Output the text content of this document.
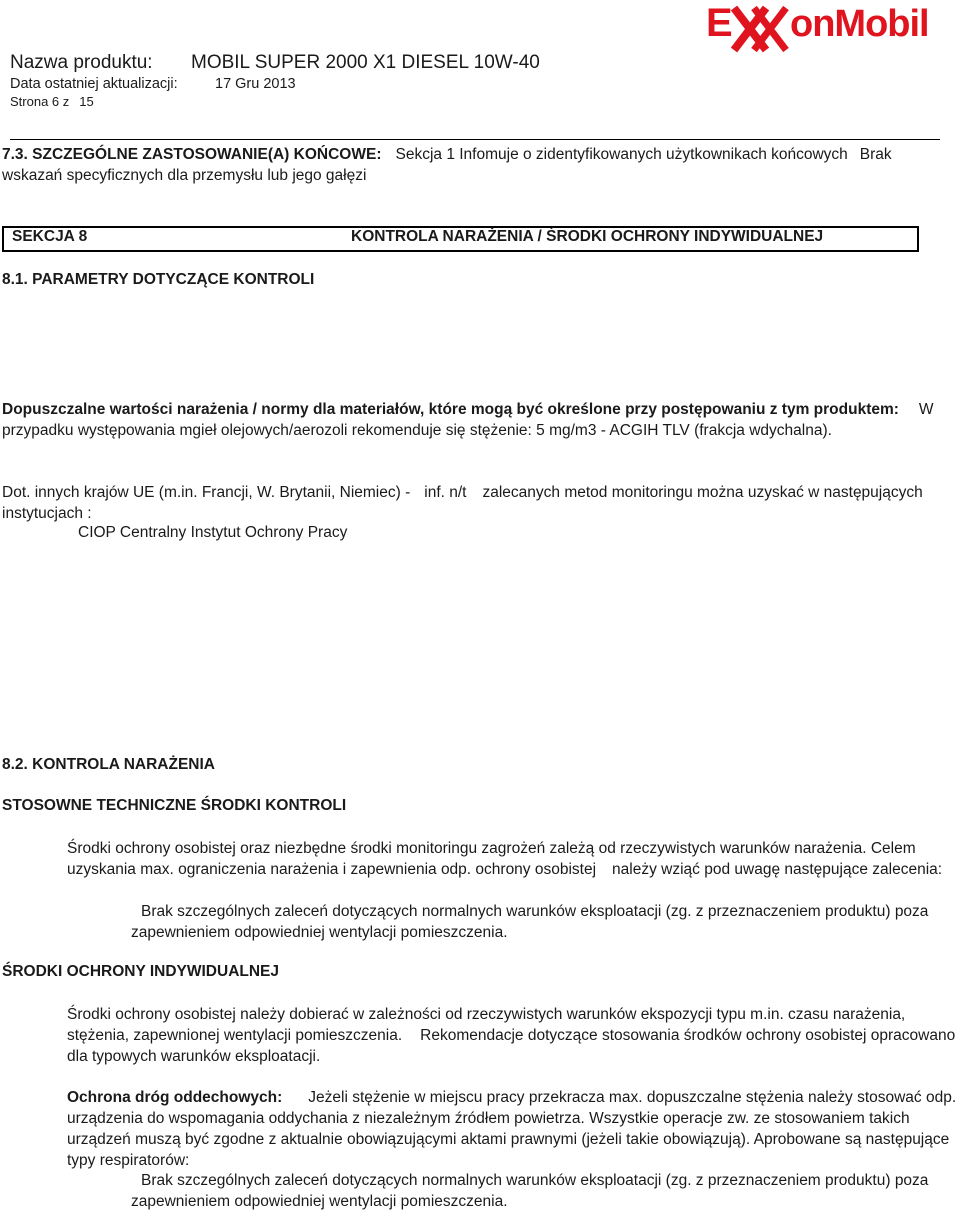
Nazwa produktu: MOBIL SUPER 2000 X1 DIESEL 10W-40
Data ostatniej aktualizacji:	17 Gru 2013
Strona 6 z 15
E onMobil
7.3. SZCZEGÓLNE ZASTOSOWANIE(A) KOŃCOWE: Sekcja 1 Infomuje o zidentyfikowanych użytkownikach końcowych Brak wskazań specyficznych dla przemysłu lub jego gałęzi
SEKCJA 8	KONTROLA NARAŻENIA / ŚRODKI OCHRONY INDYWIDUALNEJ
8.1. PARAMETRY DOTYCZĄCE KONTROLI
Dopuszczalne wartości narażenia / normy dla materiałów, które mogą być określone przy postępowaniu z tym produktem: W przypadku występowania mgieł olejowych/aerozoli rekomenduje się stężenie: 5 mg/m3 - ACGIH TLV (frakcja wdychalna).
Dot. innych krajów UE (m.in. Francji, W. Brytanii, Niemiec) - inf. n/t zalecanych metod monitoringu można uzyskać w następujących instytucjach :
CIOP Centralny Instytut Ochrony Pracy
8.2. KONTROLA NARAŻENIA
STOSOWNE TECHNICZNE ŚRODKI KONTROLI
Środki ochrony osobistej oraz niezbędne środki monitoringu zagrożeń zależą od rzeczywistych warunków narażenia. Celem uzyskania max. ograniczenia narażenia i zapewnienia odp. ochrony osobistej należy wziąć pod uwagę następujące zalecenia:
Brak szczególnych zaleceń dotyczących normalnych warunków eksploatacji (zg. z przeznaczeniem produktu) poza zapewnieniem odpowiedniej wentylacji pomieszczenia.
ŚRODKI OCHRONY INDYWIDUALNEJ
Środki ochrony osobistej należy dobierać w zależności od rzeczywistych warunków ekspozycji typu m.in. czasu narażenia, stężenia, zapewnionej wentylacji pomieszczenia. Rekomendacje dotyczące stosowania środków ochrony osobistej opracowano dla typowych warunków eksploatacji.
Ochrona dróg oddechowych: Jeżeli stężenie w miejscu pracy przekracza max. dopuszczalne stężenia należy stosować odp. urządzenia do wspomagania oddychania z niezależnym źródłem powietrza. Wszystkie operacje zw. ze stosowaniem takich urządzeń muszą być zgodne z aktualnie obowiązującymi aktami prawnymi (jeżeli takie obowiązują). Aprobowane są następujące typy respiratorów:
Brak szczególnych zaleceń dotyczących normalnych warunków eksploatacji (zg. z przeznaczeniem produktu) poza zapewnieniem odpowiedniej wentylacji pomieszczenia.
